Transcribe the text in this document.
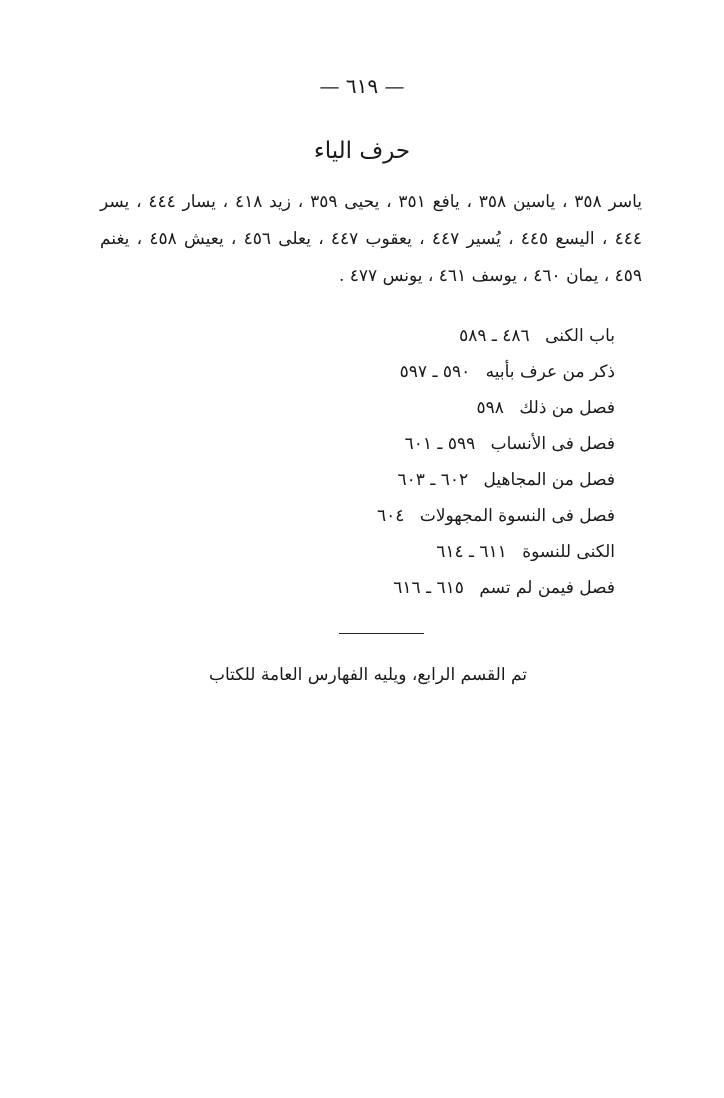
— ٦١٩ —
حرف الياء
ياسر ٣٥٨ ، ياسين ٣٥٨ ، يافع ٣٥١ ، يحيى ٣٥٩ ، زيد ٤١٨ ، يسار ٤٤٤ ، يسر ٤٤٤ ، اليسع ٤٤٥ ، يُسير ٤٤٧ ، يعقوب ٤٤٧ ، يعلى ٤٥٦ ، يعيش ٤٥٨ ، يغنم ٤٥٩ ، يمان ٤٦٠ ، يوسف ٤٦١ ، يونس ٤٧٧ .
باب الكنى ٤٨٦ ـ ٥٨٩
ذكر من عرف بأبيه ٥٩٠ ـ ٥٩٧
فصل من ذلك ٥٩٨
فصل فى الأنساب ٥٩٩ ـ ٦٠١
فصل من المجاهيل ٦٠٢ ـ ٦٠٣
فصل فى النسوة المجهولات ٦٠٤
الكنى للنسوة ٦١١ ـ ٦١٤
فصل فيمن لم تسم ٦١٥ ـ ٦١٦
تم القسم الرابع، ويليه الفهارس العامة للكتاب
